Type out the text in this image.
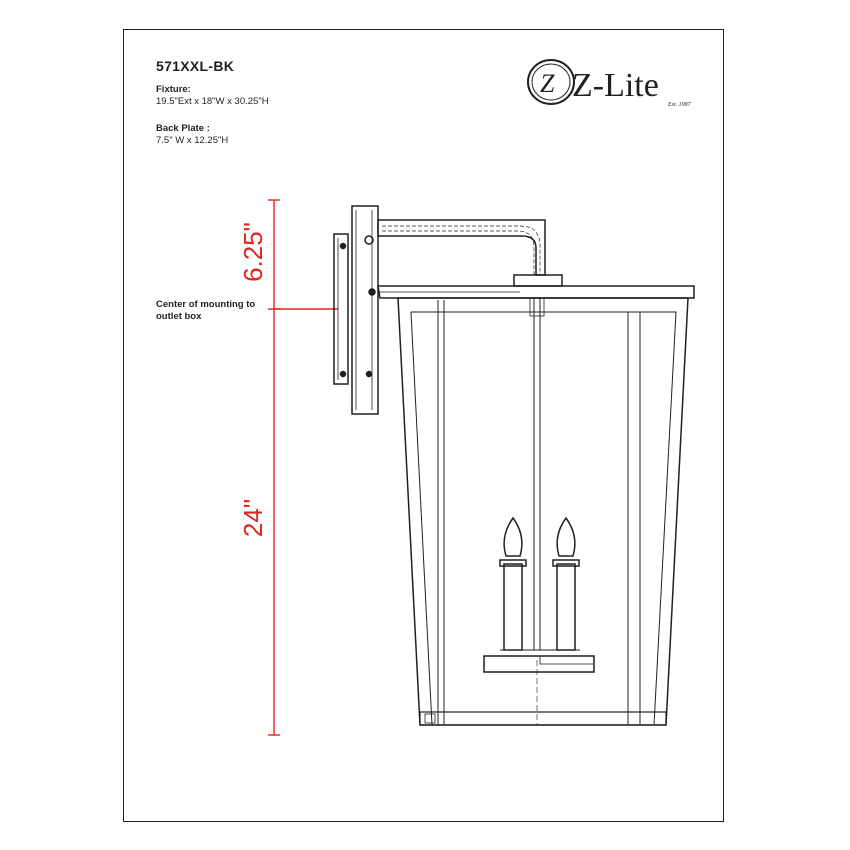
571XXL-BK
Fixture:
19.5"Ext x 18"W x 30.25"H
Back Plate :
7.5" W x 12.25"H
Center of mounting to outlet box
Z Z-Lite
Est. 1987
6.25"
24"
